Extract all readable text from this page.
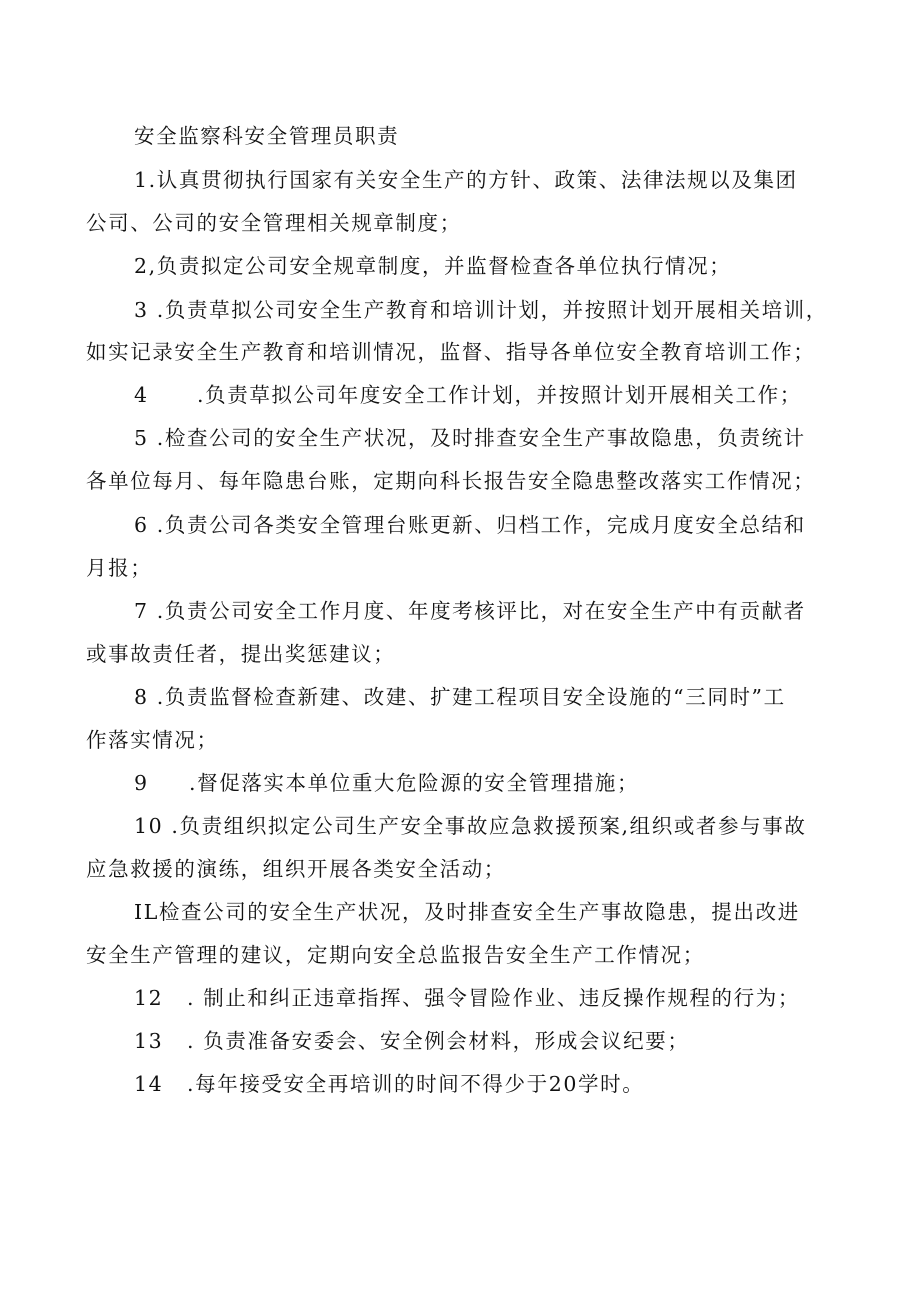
安全监察科安全管理员职责
1.认真贯彻执行国家有关安全生产的方针、政策、法律法规以及集团
公司、公司的安全管理相关规章制度；
2,负责拟定公司安全规章制度，并监督检查各单位执行情况；
3 .负责草拟公司安全生产教育和培训计划，并按照计划开展相关培训，
如实记录安全生产教育和培训情况，监督、指导各单位安全教育培训工作；
4 .负责草拟公司年度安全工作计划，并按照计划开展相关工作；
5 .检查公司的安全生产状况，及时排查安全生产事故隐患，负责统计
各单位每月、每年隐患台账，定期向科长报告安全隐患整改落实工作情况；
6 .负责公司各类安全管理台账更新、归档工作，完成月度安全总结和
月报；
7 .负责公司安全工作月度、年度考核评比，对在安全生产中有贡献者
或事故责任者，提出奖惩建议；
8 .负责监督检查新建、改建、扩建工程项目安全设施的“三同时”工
作落实情况；
9 .督促落实本单位重大危险源的安全管理措施；
10 .负责组织拟定公司生产安全事故应急救援预案,组织或者参与事故
应急救援的演练，组织开展各类安全活动；
IL检查公司的安全生产状况，及时排查安全生产事故隐患，提出改进
安全生产管理的建议，定期向安全总监报告安全生产工作情况；
12 . 制止和纠正违章指挥、强令冒险作业、违反操作规程的行为；
13 . 负责准备安委会、安全例会材料，形成会议纪要；
14 .每年接受安全再培训的时间不得少于20学时。
